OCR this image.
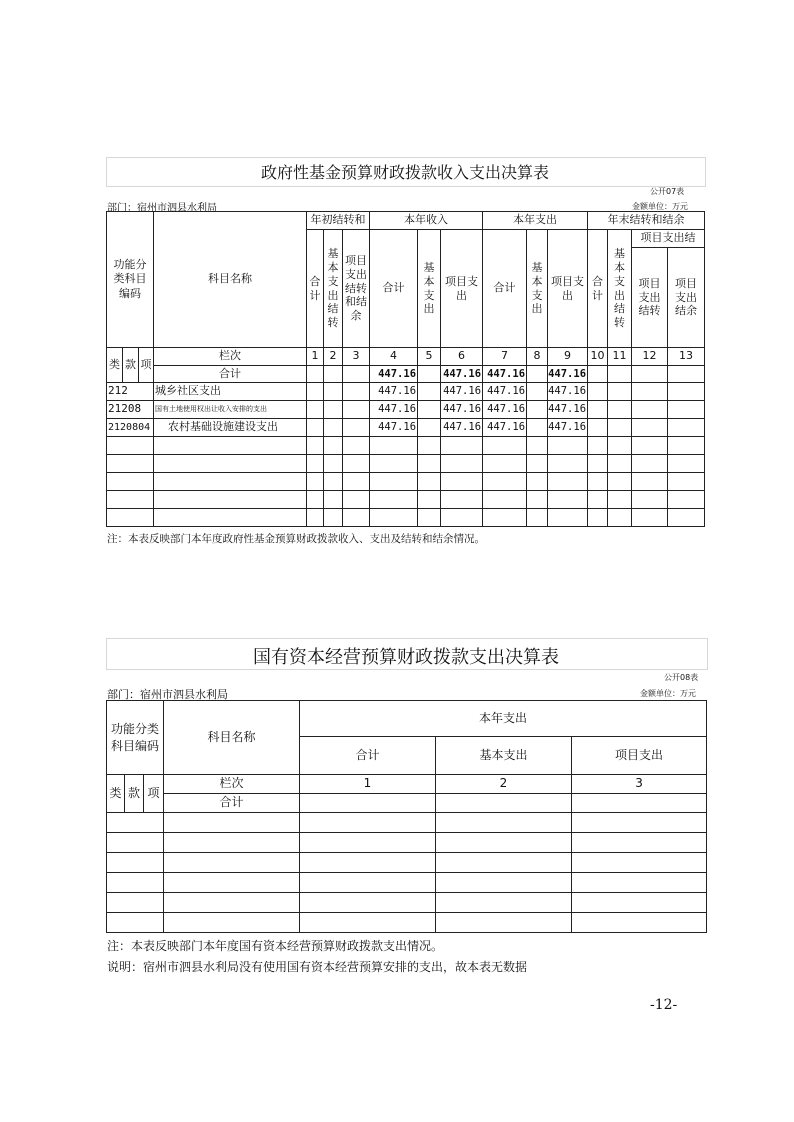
政府性基金预算财政拨款收入支出决算表
公开07表
部门：宿州市泗县水利局	金额单位：万元
功能分类科目编码			科目名称	年初结转和			本年收入			本年支出			年末结转和结余				
				合计	基本支出结转	项目支出结转和结余	合计	基本支出	项目支出	合计	基本支出	项目支出	合计	基本支出结转	项目支出结		
															项目支出结转	项目支出结余	
类	款	项	栏次	1	2	3	4	5	6	7	8	9	10	11	12	13	
			合计				447.16		447.16	447.16		447.16					
212			城乡社区支出				447.16		447.16	447.16		447.16					
21208			国有土地使用权出让收入安排的支出				447.16		447.16	447.16		447.16					
2120804			农村基础设施建设支出				447.16		447.16	447.16		447.16					

注：本表反映部门本年度政府性基金预算财政拨款收入、支出及结转和结余情况。
国有资本经营预算财政拨款支出决算表
公开08表
部门：宿州市泗县水利局	金额单位：万元
功能分类科目编码			科目名称	本年支出		
				合计	基本支出	项目支出
类	款	项	栏次	1	2	3
			合计			

注：本表反映部门本年度国有资本经营预算财政拨款支出情况。
说明：宿州市泗县水利局没有使用国有资本经营预算安排的支出，故本表无数据
-12-
